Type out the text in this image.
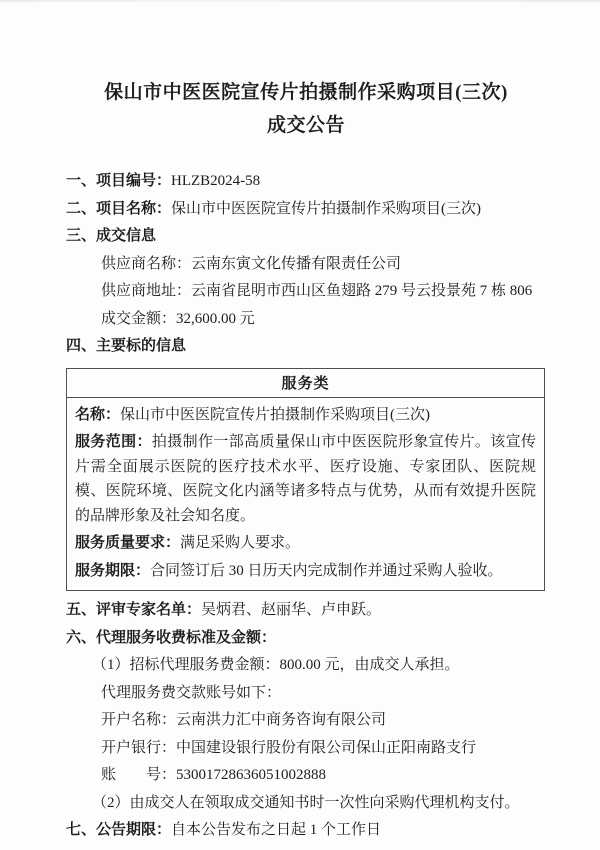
保山市中医医院宣传片拍摄制作采购项目(三次)
成交公告

一、项目编号：HLZB2024-58

二、项目名称：保山市中医医院宣传片拍摄制作采购项目(三次)

三、成交信息

供应商名称：云南东寅文化传播有限责任公司

供应商地址：云南省昆明市西山区鱼翅路 279 号云投景苑 7 栋 806

成交金额：32,600.00 元

四、主要标的信息

服务类

名称：保山市中医医院宣传片拍摄制作采购项目(三次)

服务范围：拍摄制作一部高质量保山市中医医院形象宣传片。该宣传片需全面展示医院的医疗技术水平、医疗设施、专家团队、医院规模、医院环境、医院文化内涵等诸多特点与优势，从而有效提升医院的品牌形象及社会知名度。

服务质量要求：满足采购人要求。

服务期限：合同签订后 30 日历天内完成制作并通过采购人验收。

五、评审专家名单：吴炳君、赵丽华、卢申跃。

六、代理服务收费标准及金额：

（1）招标代理服务费金额：800.00 元，由成交人承担。

代理服务费交款账号如下：

开户名称：云南洪力汇中商务咨询有限公司

开户银行：中国建设银行股份有限公司保山正阳南路支行

账　　号：53001728636051002888

（2）由成交人在领取成交通知书时一次性向采购代理机构支付。

七、公告期限：自本公告发布之日起 1 个工作日
